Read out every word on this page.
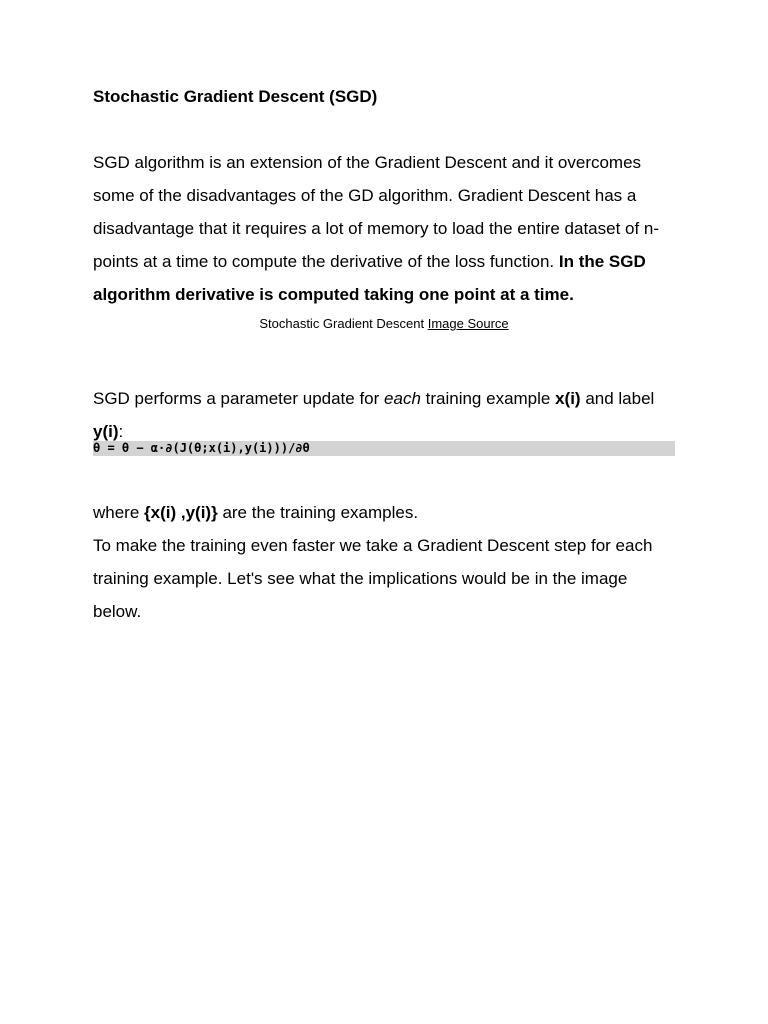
Stochastic Gradient Descent (SGD)

SGD algorithm is an extension of the Gradient Descent and it overcomes some of the disadvantages of the GD algorithm. Gradient Descent has a disadvantage that it requires a lot of memory to load the entire dataset of n-points at a time to compute the derivative of the loss function. In the SGD algorithm derivative is computed taking one point at a time.

Stochastic Gradient Descent Image Source

SGD performs a parameter update for each training example x(i) and label y(i):

θ = θ − α⋅∂(J(θ;x(i),y(i)))/∂θ

where {x(i) ,y(i)} are the training examples.

To make the training even faster we take a Gradient Descent step for each training example. Let's see what the implications would be in the image below.
